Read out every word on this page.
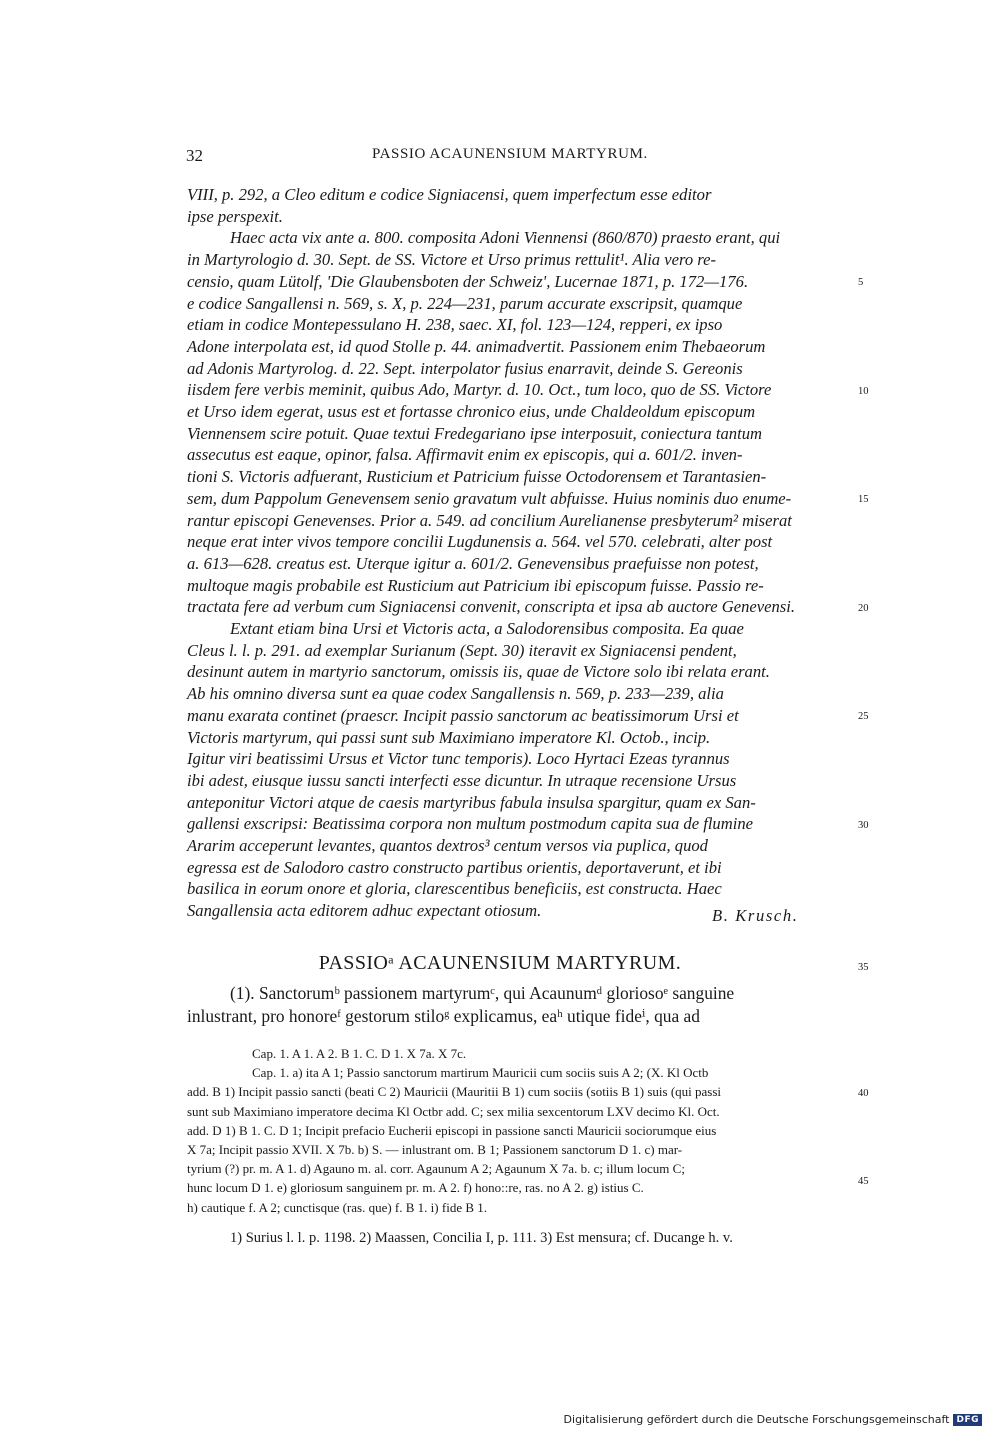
32	PASSIO ACAUNENSIUM MARTYRUM.
VIII, p. 292, a Cleo editum e codice Signiacensi, quem imperfectum esse editor
ipse perspexit.
Haec acta vix ante a. 800. composita Adoni Viennensi (860/870) praesto erant, qui
in Martyrologio d. 30. Sept. de SS. Victore et Urso primus rettulit¹. Alia vero re-
censio, quam Lütolf, 'Die Glaubensboten der Schweiz', Lucernae 1871, p. 172—176.
e codice Sangallensi n. 569, s. X, p. 224—231, parum accurate exscripsit, quamque
etiam in codice Montepessulano H. 238, saec. XI, fol. 123—124, repperi, ex ipso
Adone interpolata est, id quod Stolle p. 44. animadvertit. Passionem enim Thebaeorum
ad Adonis Martyrolog. d. 22. Sept. interpolator fusius enarravit, deinde S. Gereonis
iisdem fere verbis meminit, quibus Ado, Martyr. d. 10. Oct., tum loco, quo de SS. Victore
et Urso idem egerat, usus est et fortasse chronico eius, unde Chaldeoldum episcopum
Viennensem scire potuit. Quae textui Fredegariano ipse interposuit, coniectura tantum
assecutus est eaque, opinor, falsa. Affirmavit enim ex episcopis, qui a. 601/2. inven-
tioni S. Victoris adfuerant, Rusticium et Patricium fuisse Octodorensem et Tarantasien-
sem, dum Pappolum Genevensem senio gravatum vult abfuisse. Huius nominis duo enume-
rantur episcopi Genevenses. Prior a. 549. ad concilium Aurelianense presbyterum² miserat
neque erat inter vivos tempore concilii Lugdunensis a. 564. vel 570. celebrati, alter post
a. 613—628. creatus est. Uterque igitur a. 601/2. Genevensibus praefuisse non potest,
multoque magis probabile est Rusticium aut Patricium ibi episcopum fuisse. Passio re-
tractata fere ad verbum cum Signiacensi convenit, conscripta et ipsa ab auctore Genevensi.
Extant etiam bina Ursi et Victoris acta, a Salodorensibus composita. Ea quae
Cleus l. l. p. 291. ad exemplar Surianum (Sept. 30) iteravit ex Signiacensi pendent,
desinunt autem in martyrio sanctorum, omissis iis, quae de Victore solo ibi relata erant.
Ab his omnino diversa sunt ea quae codex Sangallensis n. 569, p. 233—239, alia
manu exarata continet (praescr. Incipit passio sanctorum ac beatissimorum Ursi et
Victoris martyrum, qui passi sunt sub Maximiano imperatore Kl. Octob., incip.
Igitur viri beatissimi Ursus et Victor tunc temporis). Loco Hyrtaci Ezeas tyrannus
ibi adest, eiusque iussu sancti interfecti esse dicuntur. In utraque recensione Ursus
anteponitur Victori atque de caesis martyribus fabula insulsa spargitur, quam ex San-
gallensi exscripsi: Beatissima corpora non multum postmodum capita sua de flumine
Ararim acceperunt levantes, quantos dextros³ centum versos via puplica, quod
egressa est de Salodoro castro constructo partibus orientis, deportaverunt, et ibi
basilica in eorum onore et gloria, clarescentibus beneficiis, est constructa. Haec
Sangallensia acta editorem adhuc expectant otiosum.	B. Krusch.
5
10
15
20
25
30
35
40
45
PASSIOᵃ ACAUNENSIUM MARTYRUM.
(1). Sanctorumᵇ passionem martyrumᶜ, qui Acaunumᵈ gloriosoᵉ sanguine
inlustrant, pro honoreᶠ gestorum stiloᵍ explicamus, eaʰ utique fideⁱ, qua ad
Cap. 1. A 1. A 2. B 1. C. D 1. X 7a. X 7c.
Cap. 1. a) ita A 1; Passio sanctorum martirum Mauricii cum sociis suis A 2; (X. Kl Octb
add. B 1) Incipit passio sancti (beati C 2) Mauricii (Mauritii B 1) cum sociis (sotiis B 1) suis (qui passi
sunt sub Maximiano imperatore decima Kl Octbr add. C; sex milia sexcentorum LXV decimo Kl. Oct.
add. D 1) B 1. C. D 1; Incipit prefacio Eucherii episcopi in passione sancti Mauricii sociorumque eius
X 7a; Incipit passio XVII. X 7b. b) S. — inlustrant om. B 1; Passionem sanctorum D 1. c) mar-
tyrium (?) pr. m. A 1. d) Agauno m. al. corr. Agaunum A 2; Agaunum X 7a. b. c; illum locum C;
hunc locum D 1. e) gloriosum sanguinem pr. m. A 2. f) hono::re, ras. no A 2. g) istius C.
h) cautique f. A 2; cunctisque (ras. que) f. B 1. i) fide B 1.
1) Surius l. l. p. 1198. 2) Maassen, Concilia I, p. 111. 3) Est mensura; cf. Ducange h. v.
Digitalisierung gefördert durch die Deutsche Forschungsgemeinschaft DFG
